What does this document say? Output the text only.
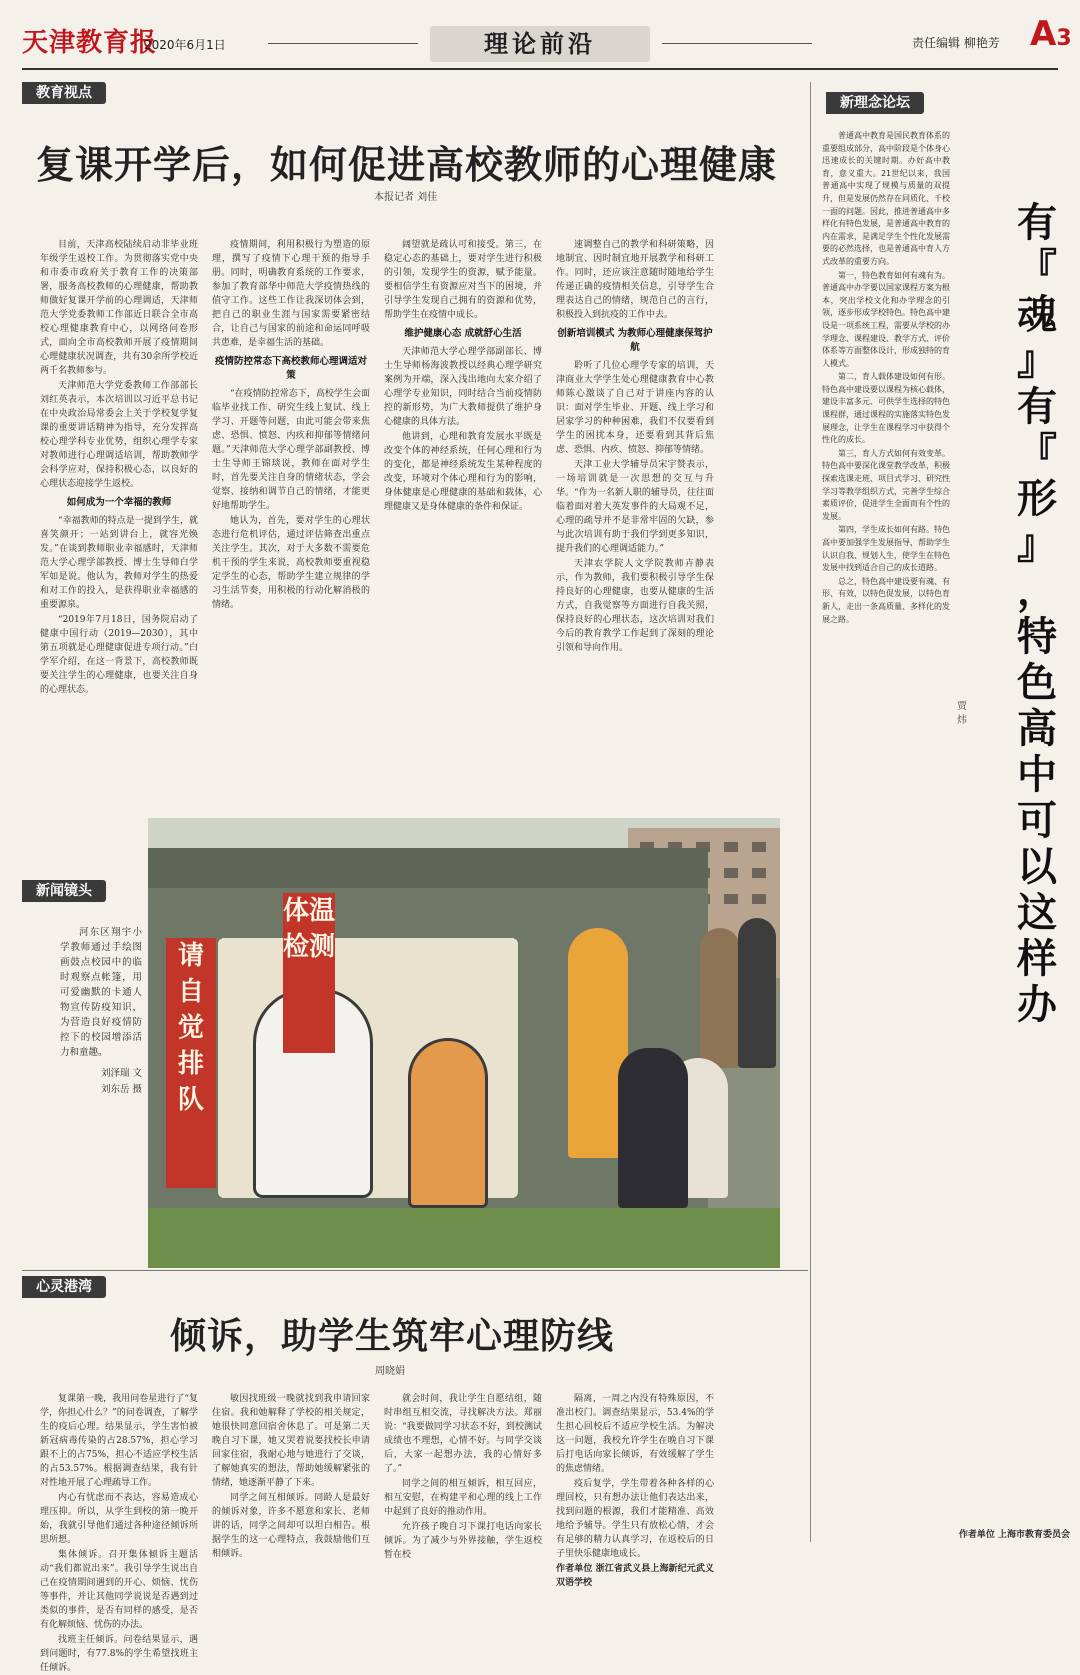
天津教育报
2020年6月1日	理论前沿	责任编辑 柳艳芳 A3
教育视点
复课开学后，如何促进高校教师的心理健康
本报记者 刘佳

目前，天津高校陆续启动非毕业班年级学生返校工作。为贯彻落实党中央和市委市政府关于教育工作的决策部署，服务高校教师的心理健康，帮助教师做好复课开学前的心理调适，天津师范大学党委教师工作部近日联合全市高校心理健康教育中心，以网络问卷形式，面向全市高校教师开展了疫情期间心理健康状况调查，共有30余所学校近两千名教师参与。

天津师范大学党委教师工作部部长刘红英表示，本次培训以习近平总书记在中央政治局常委会上关于学校复学复课的重要讲话精神为指导，充分发挥高校心理学科专业优势，组织心理学专家对教师进行心理调适培训，帮助教师学会科学应对，保持积极心态，以良好的心理状态迎接学生返校。

如何成为一个幸福的教师

“幸福教师的特点是一提到学生，就喜笑颜开；一站到讲台上，就容光焕发。”在谈到教师职业幸福感时，天津师范大学心理学部教授、博士生导师白学军如是说。他认为，教师对学生的热爱和对工作的投入，是获得职业幸福感的重要源泉。

“2019年7月18日，国务院启动了健康中国行动（2019—2030），其中第五项就是心理健康促进专项行动。”白学军介绍，在这一背景下，高校教师既要关注学生的心理健康，也要关注自身的心理状态。

疫情期间，利用积极行为塑造的原理，撰写了疫情下心理干预的指导手册。同时，明确教育系统的工作要求，参加了教育部华中师范大学疫情热线的值守工作。这些工作让我深切体会到，把自己的职业生涯与国家需要紧密结合，让自己与国家的前途和命运同呼吸共患难，是幸福生活的基础。

疫情防控常态下高校教师心理调适对策

“在疫情防控常态下，高校学生会面临毕业找工作、研究生线上复试、线上学习、开题等问题，由此可能会带来焦虑、恐惧、愤怒、内疚和抑郁等情绪问题。”天津师范大学心理学部副教授、博士生导师王锦琰说，教师在面对学生时，首先要关注自身的情绪状态，学会觉察、接纳和调节自己的情绪，才能更好地帮助学生。

她认为，首先，要对学生的心理状态进行危机评估，通过评估筛查出重点关注学生。其次，对于大多数不需要危机干预的学生来说，高校教师要重视稳定学生的心态，帮助学生建立规律的学习生活节奏，用积极的行动化解消极的情绪。

阔望就是疏认可和接受。第三，在稳定心态的基础上，要对学生进行积极的引领，发现学生的资源，赋予能量。要相信学生有资源应对当下的困境，并引导学生发现自己拥有的资源和优势，帮助学生在疫情中成长。

维护健康心态 成就舒心生活

天津师范大学心理学部副部长、博士生导师杨海波教授以经典心理学研究案例为开端，深入浅出地向大家介绍了心理学专业知识，同时结合当前疫情防控的新形势，为广大教师提供了维护身心健康的具体方法。

他讲到，心理和教育发展水平既是改变个体的神经系统，任何心理和行为的变化，都是神经系统发生某种程度的改变，环境对个体心理和行为的影响，身体健康是心理健康的基础和载体，心理健康又是身体健康的条件和保证。

速调整自己的教学和科研策略，因地制宜、因时制宜地开展教学和科研工作。同时，还应该注意随时随地给学生传递正确的疫情相关信息，引导学生合理表达自己的情绪，规范自己的言行，积极投入到抗疫的工作中去。

创新培训模式 为教师心理健康保驾护航

聆听了几位心理学专家的培训，天津商业大学学生处心理健康教育中心教师陈心激谈了自己对于讲座内容的认识：面对学生毕业、开题、线上学习和居家学习的种种困难，我们不仅要看到学生的困扰本身，还要看到其背后焦虑、恐惧、内疚、愤怒、抑郁等情绪。

天津工业大学辅导员宋宇赞表示，一场培训就是一次思想的交互与升华。“作为一名新人职的辅导员，往往面临着面对着大英发事件的大局观不足，心理的疏导并不是非常牢固的欠缺，参与此次培训有助于我们学到更多知识，提升我们的心理调适能力。”

天津农学院人文学院教师卉静表示，作为教师，我们要积极引导学生保持良好的心理健康，也要从健康的生活方式，自我觉察等方面进行自我关照，保持良好的心理状态，这次培训对我们今后的教育教学工作起到了深刻的理论引领和导向作用。

新闻镜头

河东区翔宇小学教师通过手绘图画鼓点校园中的临时观察点帐篷，用可爱幽默的卡通人物宣传防疫知识，为营造良好疫情防控下的校园增添活力和童趣。

刘泽瑞 文

刘东岳 摄

请自觉排队
体温检测
心灵港湾
倾诉，助学生筑牢心理防线
周晓娟

复课第一晚，我用问卷星进行了“复学，你担心什么？”的问卷调查，了解学生的疫后心理。结果显示，学生害怕被新冠病毒传染的占28.57%，担心学习跟不上的占75%，担心不适应学校生活的占53.57%。根据调查结果，我有针对性地开展了心理疏导工作。

内心有忧虑而不表达，容易造成心理压抑。所以，从学生到校的第一晚开始，我就引导他们通过各种途径倾诉所思所想。

集体倾诉。召开集体倾诉主题活动“我们都说出来”。我引导学生说出自己在疫情期间遇到的开心、烦恼、忧伤等事件，并让其他同学说说是否遇到过类似的事件，是否有同样的感受，是否有化解烦恼、忧伤的办法。

找班主任倾诉。问卷结果显示，遇到问题时，有77.8%的学生希望找班主任倾诉。

敏因找班级一晚就找到我申请回家住宿。我和她解释了学校的相关规定，她很快同意回宿舍休息了。可是第二天晚自习下课，她又哭着说要找校长申请回家住宿，我耐心地与她进行了交谈，了解她真实的想法，帮助她缓解紧张的情绪，她逐渐平静了下来。

同学之间互相倾诉。同龄人是最好的倾诉对象，许多不愿意和家长、老师讲的话，同学之间却可以坦白相告。根据学生的这一心理特点，我鼓励他们互相倾诉。

就会时间，我让学生自愿结组，随时串组互相交流，寻找解决方法。郑丽说：“我要做同学习状态不好，到校测试成绩也不理想，心情不好。与同学交谈后，大家一起想办法，我的心情好多了。”

同学之间的相互倾诉，相互回应，相互安慰，在构建平和心理的线上工作中起到了良好的推动作用。

允许孩子晚自习下课打电话向家长倾诉。为了减少与外界接触，学生返校暂在校

隔离，一周之内没有特殊原因，不准出校门。调查结果显示，53.4%的学生担心回校后不适应学校生活。为解决这一问题，我校允许学生在晚自习下课后打电话向家长倾诉，有效缓解了学生的焦虑情绪。

疫后复学，学生带着各种各样的心理回校，只有想办法让他们表达出来，找到问题的根源，我们才能精准、高效地给予辅导。学生只有放松心情，才会有足够的精力认真学习，在返校后的日子里快乐健康地成长。

作者单位 浙江省武义县上海新纪元武义双语学校

新理念论坛
有
『
魂
』
有
『
形
』
，
特
色
高
中
可
以
这
样
办
贾炜

普通高中教育是国民教育体系的重要组成部分，高中阶段是个体身心迅速成长的关键时期。办好高中教育，意义重大。21世纪以来，我国普通高中实现了规模与质量的双提升，但是发展仍然存在同质化、千校一面的问题。因此，推进普通高中多样化有特色发展，是普通高中教育的内在需求，是满足学生个性化发展需要的必然选择，也是普通高中育人方式改革的重要方向。

第一，特色教育如何有魂有为。普通高中办学要以国家课程方案为根本，突出学校文化和办学理念的引领，逐步形成学校特色。特色高中建设是一项系统工程，需要从学校的办学理念、课程建设、教学方式、评价体系等方面整体设计，形成独特的育人模式。

第二，育人载体建设如何有形。特色高中建设要以课程为核心载体，建设丰富多元、可供学生选择的特色课程群，通过课程的实施落实特色发展理念，让学生在课程学习中获得个性化的成长。

第三，育人方式如何有效变革。特色高中要深化课堂教学改革，积极探索选课走班、项目式学习、研究性学习等教学组织方式，完善学生综合素质评价，促进学生全面而有个性的发展。

第四，学生成长如何有路。特色高中要加强学生发展指导，帮助学生认识自我、规划人生，使学生在特色发展中找到适合自己的成长道路。

总之，特色高中建设要有魂、有形、有效，以特色促发展，以特色育新人，走出一条高质量、多样化的发展之路。

作者单位 上海市教育委员会
